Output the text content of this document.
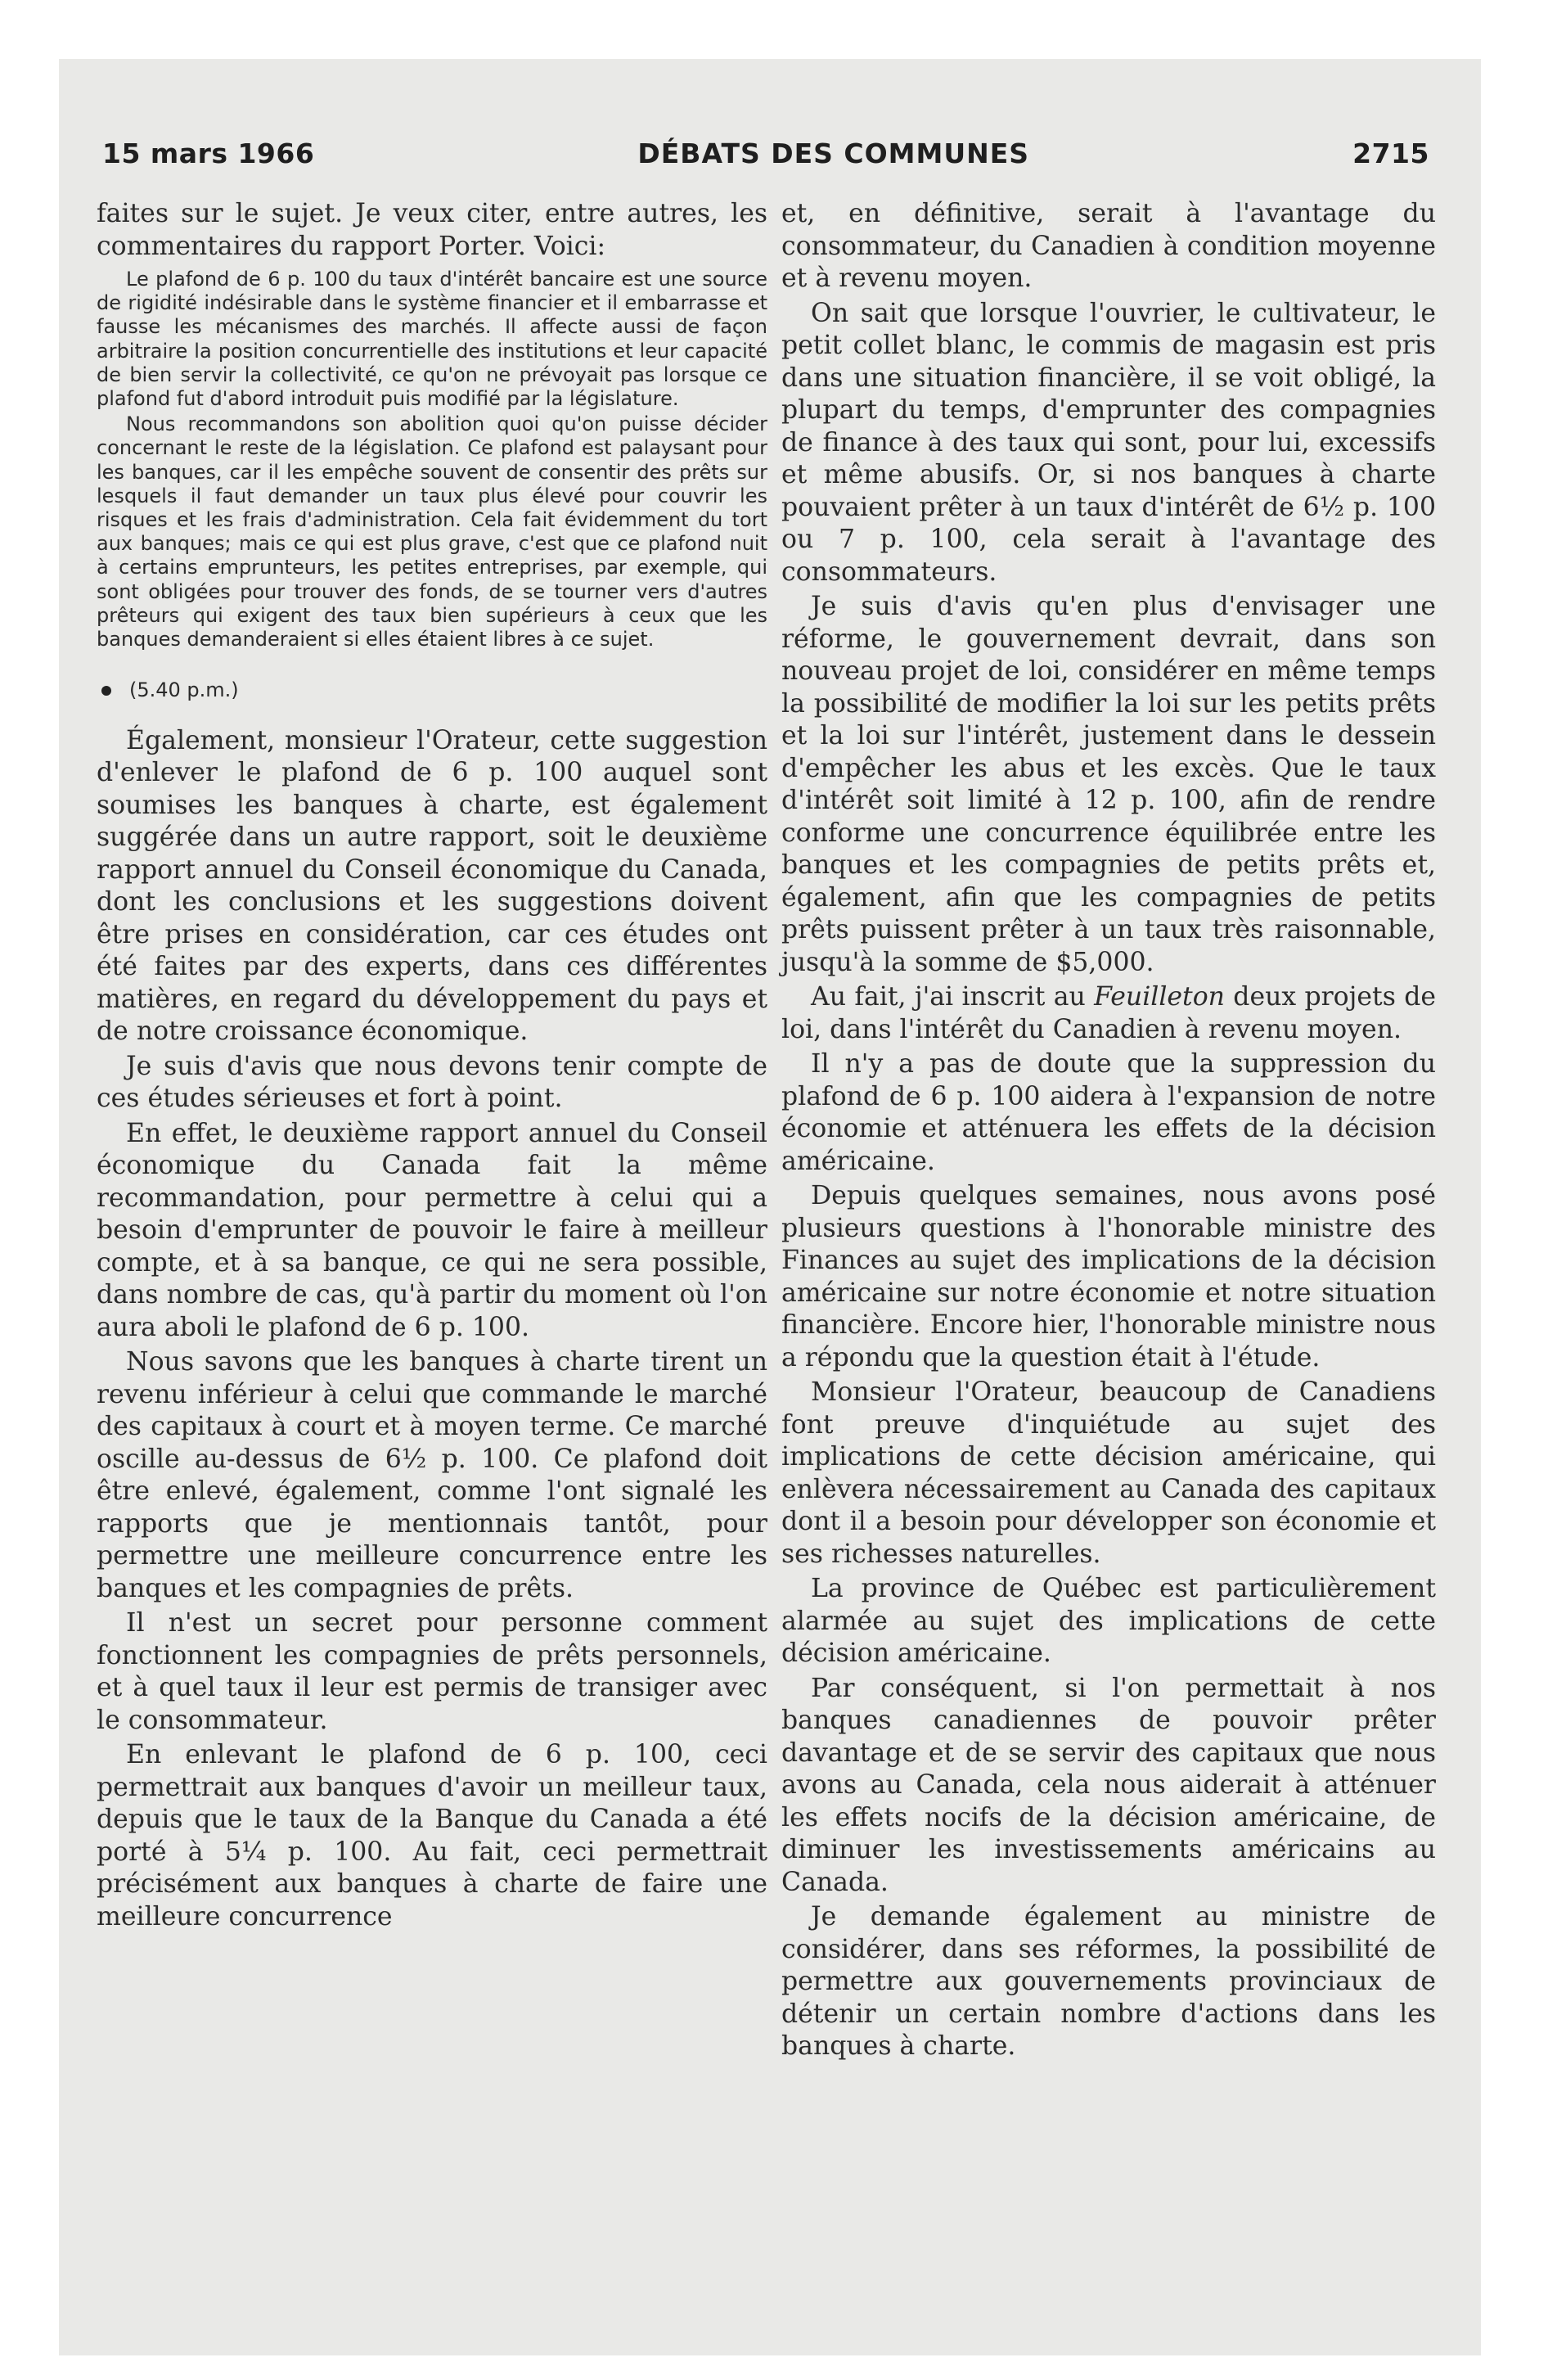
15 mars 1966	DÉBATS DES COMMUNES	2715

faites sur le sujet. Je veux citer, entre autres, les commentaires du rapport Porter. Voici:

Le plafond de 6 p. 100 du taux d'intérêt bancaire est une source de rigidité indésirable dans le système financier et il embarrasse et fausse les mécanismes des marchés. Il affecte aussi de façon arbitraire la position concurrentielle des institutions et leur capacité de bien servir la collectivité, ce qu'on ne prévoyait pas lorsque ce plafond fut d'abord introduit puis modifié par la législature.

Nous recommandons son abolition quoi qu'on puisse décider concernant le reste de la législation. Ce plafond est palaysant pour les banques, car il les empêche souvent de consentir des prêts sur lesquels il faut demander un taux plus élevé pour couvrir les risques et les frais d'administration. Cela fait évidemment du tort aux banques; mais ce qui est plus grave, c'est que ce plafond nuit à certains emprunteurs, les petites entreprises, par exemple, qui sont obligées pour trouver des fonds, de se tourner vers d'autres prêteurs qui exigent des taux bien supérieurs à ceux que les banques demanderaient si elles étaient libres à ce sujet.

(5.40 p.m.)

Également, monsieur l'Orateur, cette suggestion d'enlever le plafond de 6 p. 100 auquel sont soumises les banques à charte, est également suggérée dans un autre rapport, soit le deuxième rapport annuel du Conseil économique du Canada, dont les conclusions et les suggestions doivent être prises en considération, car ces études ont été faites par des experts, dans ces différentes matières, en regard du développement du pays et de notre croissance économique.

Je suis d'avis que nous devons tenir compte de ces études sérieuses et fort à point.

En effet, le deuxième rapport annuel du Conseil économique du Canada fait la même recommandation, pour permettre à celui qui a besoin d'emprunter de pouvoir le faire à meilleur compte, et à sa banque, ce qui ne sera possible, dans nombre de cas, qu'à partir du moment où l'on aura aboli le plafond de 6 p. 100.

Nous savons que les banques à charte tirent un revenu inférieur à celui que commande le marché des capitaux à court et à moyen terme. Ce marché oscille au-dessus de 6½ p. 100. Ce plafond doit être enlevé, également, comme l'ont signalé les rapports que je mentionnais tantôt, pour permettre une meilleure concurrence entre les banques et les compagnies de prêts.

Il n'est un secret pour personne comment fonctionnent les compagnies de prêts personnels, et à quel taux il leur est permis de transiger avec le consommateur.

En enlevant le plafond de 6 p. 100, ceci permettrait aux banques d'avoir un meilleur taux, depuis que le taux de la Banque du Canada a été porté à 5¼ p. 100. Au fait, ceci permettrait précisément aux banques à charte de faire une meilleure concurrence

et, en définitive, serait à l'avantage du consommateur, du Canadien à condition moyenne et à revenu moyen.

On sait que lorsque l'ouvrier, le cultivateur, le petit collet blanc, le commis de magasin est pris dans une situation financière, il se voit obligé, la plupart du temps, d'emprunter des compagnies de finance à des taux qui sont, pour lui, excessifs et même abusifs. Or, si nos banques à charte pouvaient prêter à un taux d'intérêt de 6½ p. 100 ou 7 p. 100, cela serait à l'avantage des consommateurs.

Je suis d'avis qu'en plus d'envisager une réforme, le gouvernement devrait, dans son nouveau projet de loi, considérer en même temps la possibilité de modifier la loi sur les petits prêts et la loi sur l'intérêt, justement dans le dessein d'empêcher les abus et les excès. Que le taux d'intérêt soit limité à 12 p. 100, afin de rendre conforme une concurrence équilibrée entre les banques et les compagnies de petits prêts et, également, afin que les compagnies de petits prêts puissent prêter à un taux très raisonnable, jusqu'à la somme de $5,000.

Au fait, j'ai inscrit au Feuilleton deux projets de loi, dans l'intérêt du Canadien à revenu moyen.

Il n'y a pas de doute que la suppression du plafond de 6 p. 100 aidera à l'expansion de notre économie et atténuera les effets de la décision américaine.

Depuis quelques semaines, nous avons posé plusieurs questions à l'honorable ministre des Finances au sujet des implications de la décision américaine sur notre économie et notre situation financière. Encore hier, l'honorable ministre nous a répondu que la question était à l'étude.

Monsieur l'Orateur, beaucoup de Canadiens font preuve d'inquiétude au sujet des implications de cette décision américaine, qui enlèvera nécessairement au Canada des capitaux dont il a besoin pour développer son économie et ses richesses naturelles.

La province de Québec est particulièrement alarmée au sujet des implications de cette décision américaine.

Par conséquent, si l'on permettait à nos banques canadiennes de pouvoir prêter davantage et de se servir des capitaux que nous avons au Canada, cela nous aiderait à atténuer les effets nocifs de la décision américaine, de diminuer les investissements américains au Canada.

Je demande également au ministre de considérer, dans ses réformes, la possibilité de permettre aux gouvernements provinciaux de détenir un certain nombre d'actions dans les banques à charte.
